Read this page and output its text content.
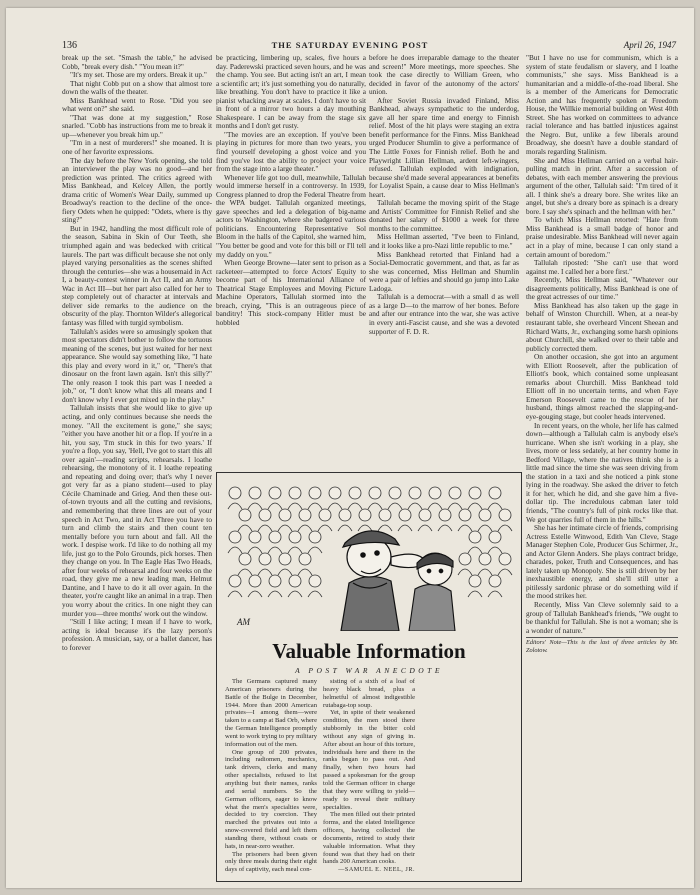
136	THE SATURDAY EVENING POST	April 26, 1947

break up the set. "Smash the table," he advised Cobb, "break every dish." "You mean it?"

"It's my set. Those are my orders. Break it up."

That night Cobb put on a show that almost tore down the walls of the theater.

Miss Bankhead went to Rose. "Did you see what went on?" she said.

"That was done at my suggestion," Rose snarled. "Cobb has instructions from me to break it up—whenever you break him up."

"I'm in a nest of murderers!" she moaned. It is one of her favorite expressions.

The day before the New York opening, she told an interviewer the play was no good—and her prediction was printed. The critics agreed with Miss Bankhead, and Kelcey Allen, the portly drama critic of Women's Wear Daily, summed up Broadway's reaction to the decline of the once-fiery Odets when he quipped: "Odets, where is thy sting?"

But in 1942, handling the most difficult role of the season, Sabina in Skin of Our Teeth, she triumphed again and was bedecked with critical laurels. The part was difficult because she not only played varying personalities as the scenes shifted through the centuries—she was a housemaid in Act I, a beauty-contest winner in Act II, and an Army Wac in Act III—but her part also called for her to step completely out of character at intervals and deliver side remarks to the audience on the obscurity of the play. Thornton Wilder's allegorical fantasy was filled with turgid symbolism.

Tallulah's asides were so amusingly spoken that most spectators didn't bother to follow the tortuous meaning of the scenes, but just waited for her next appearance. She would say something like, "I hate this play and every word in it," or, "There's that dinosaur on the front lawn again. Isn't this silly?" The only reason I took this part was I needed a job," or, "I don't know what this all means and I don't know why I ever got mixed up in the play."

Tallulah insists that she would like to give up acting, and only continues because she needs the money. "All the excitement is gone," she says; "either you have another hit or a flop. If you're in a hit, you say, 'I'm stuck in this for two years.' If you're a flop, you say, 'Hell, I've got to start this all over again'—reading scripts, rehearsals. I loathe rehearsing, the monotony of it. I loathe repeating and repeating and doing over; that's why I never got very far as a piano student—used to play Cécile Chaminade and Grieg. And then these out-of-town tryouts and all the cutting and revisions, and remembering that three lines are out of your speech in Act Two, and in Act Three you have to turn and climb the stairs and then count ten mentally before you turn about and fall. All the work. I despise work. I'd like to do nothing all my life, just go to the Polo Grounds, pick horses. Then they change on you. In The Eagle Has Two Heads, after four weeks of rehearsal and four weeks on the road, they give me a new leading man, Helmut Dantine, and I have to do it all over again. In the theater, you're caught like an animal in a trap. Then you worry about the critics. In one night they can murder you—three months' work out the window.

"Still I like acting; I mean if I have to work, acting is ideal because it's the lazy person's profession. A musician, say, or a ballet dancer, has to forever

be practicing, limbering up, scales, five hours a day. Paderewski practiced seven hours, and he was the champ. You see. But acting isn't an art, I mean a scientific art; it's just something you do naturally, like breathing. You don't have to practice it like a pianist whacking away at scales. I don't have to sit in front of a mirror two hours a day mouthing Shakespeare. I can be away from the stage six months and I don't get rusty.

"The movies are an exception. If you've been playing in pictures for more than two years, you find yourself developing a ghost voice and you find you've lost the ability to project your voice from the stage into a large theater."

Whenever life got too dull, meanwhile, Tallulah would immerse herself in a controversy. In 1939, Congress planned to drop the Federal Theatre from the WPA budget. Tallulah organized meetings, gave speeches and led a delegation of big-name actors to Washington, where she badgered various politicians. Encountering Representative Sol Bloom in the halls of the Capitol, she warned him, "You better be good and vote for this bill or I'll tell my daddy on you."

When George Browne—later sent to prison as a racketeer—attempted to force Actors' Equity to become part of his International Alliance of Theatrical Stage Employees and Moving Picture Machine Operators, Tallulah stormed into the breach, crying, "This is an outrageous piece of banditry! This stock-company Hitler must be hobbled

before he does irreparable damage to the theater and screen!" More meetings, more speeches. She took the case directly to William Green, who decided in favor of the autonomy of the actors' union.

After Soviet Russia invaded Finland, Miss Bankhead, always sympathetic to the underdog, gave all her spare time and energy to Finnish relief. Most of the hit plays were staging an extra benefit performance for the Finns. Miss Bankhead urged Producer Shumlin to give a performance of The Little Foxes for Finnish relief. Both he and Playwright Lillian Hellman, ardent left-wingers, refused. Tallulah exploded with indignation, because she'd made several appearances at benefits for Loyalist Spain, a cause dear to Miss Hellman's heart.

Tallulah became the moving spirit of the Stage and Artists' Committee for Finnish Relief and she donated her salary of $1000 a week for three months to the committee.

Miss Hellman asserted, "I've been to Finland, and it looks like a pro-Nazi little republic to me."

Miss Bankhead retorted that Finland had a Social-Democratic government, and that, as far as she was concerned, Miss Hellman and Shumlin were a pair of lefties and should go jump into Lake Ladoga.

Tallulah is a democrat—with a small d as well as a large D—to the marrow of her bones. Before and after our entrance into the war, she was active in every anti-Fascist cause, and she was a devoted supporter of F. D. R.

"But I have no use for communism, which is a system of state feudalism or slavery, and I loathe communists," she says. Miss Bankhead is a humanitarian and a middle-of-the-road liberal. She is a member of the Americans for Democratic Action and has frequently spoken at Freedom House, the Willkie memorial building on West 40th Street. She has worked on committees to advance racial tolerance and has battled injustices against the Negro. But, unlike a few liberals around Broadway, she doesn't have a double standard of morals regarding Stalinism.

She and Miss Hellman carried on a verbal hair-pulling match in print. After a succession of debates, with each member answering the previous argument of the other, Tallulah said: "I'm tired of it all. I think she's a dreary bore. She writes like an angel, but she's a dreary bore as spinach is a dreary bore. I say she's spinach and the hellman with her."

To which Miss Hellman retorted: "Hate from Miss Bankhead is a small badge of honor and praise undesirable. Miss Bankhead will never again act in a play of mine, because I can only stand a certain amount of boredom."

Tallulah riposted: "She can't use that word against me. I called her a bore first."

Recently, Miss Hellman said, "Whatever our disagreements politically, Miss Bankhead is one of the great actresses of our time."

Miss Bankhead has also taken up the gage in behalf of Winston Churchill. When, at a near-by restaurant table, she overheard Vincent Sheean and Richard Watts, Jr., exchanging some harsh opinions about Churchill, she walked over to their table and publicly corrected them.

On another occasion, she got into an argument with Elliott Roosevelt, after the publication of Elliott's book, which contained some unpleasant remarks about Churchill. Miss Bankhead told Elliott off in no uncertain terms, and when Faye Emerson Roosevelt came to the rescue of her husband, things almost reached the slapping-and-eye-gouging stage, but cooler heads intervened.

In recent years, on the whole, her life has calmed down—although a Tallulah calm is anybody else's hurricane. When she isn't working in a play, she lives, more or less sedately, at her country home in Bedford Village, where the natives think she is a little mad since the time she was seen driving from the station in a taxi and she noticed a pink stone lying in the roadway. She asked the driver to fetch it for her, which he did, and she gave him a five-dollar tip. The incredulous cabman later told friends, "The country's full of pink rocks like that. We got quarries full of them in the hills."

She has her intimate circle of friends, comprising Actress Estelle Winwood, Edith Van Cleve, Stage Manager Stephen Cole, Producer Gus Schirmer, Jr., and Actor Glenn Anders. She plays contract bridge, charades, poker, Truth and Consequences, and has lately taken up Monopoly. She is still driven by her inexhaustible energy, and she'll still utter a pitilessly sardonic phrase or do something wild if the mood strikes her.

Recently, Miss Van Cleve solemnly said to a group of Tallulah Bankhead's friends, "We ought to be thankful for Tallulah. She is not a woman; she is a wonder of nature."

Editors' Note—This is the last of three articles by Mr. Zolotow.

AM
Valuable Information
A POST WAR ANECDOTE

The Germans captured many American prisoners during the Battle of the Bulge in December, 1944. More than 2000 American privates—I among them—were taken to a camp at Bad Orb, where the German Intelligence promptly went to work trying to pry military information out of the men.

One group of 200 privates, including radiomen, mechanics, tank drivers, clerks and many other specialists, refused to list anything but their names, ranks and serial numbers. So the German officers, eager to know what the men's specialties were, decided to try coercion. They marched the privates out into a snow-covered field and left them standing there, without coats or hats, in near-zero weather.

The prisoners had been given only three meals during their eight days of captivity, each meal con-

sisting of a sixth of a loaf of heavy black bread, plus a helmetful of almost indigestible rutabaga-top soup.

Yet, in spite of their weakened condition, the men stood there stubbornly in the bitter cold without any sign of giving in. After about an hour of this torture, individuals here and there in the ranks began to pass out. And finally, when two hours had passed a spokesman for the group told the German officer in charge that they were willing to yield—ready to reveal their military specialties.

The men filled out their printed forms, and the elated Intelligence officers, having collected the documents, retired to study their valuable information. What they found was that they had on their hands 200 American cooks.

—SAMUEL E. NEEL, JR.
